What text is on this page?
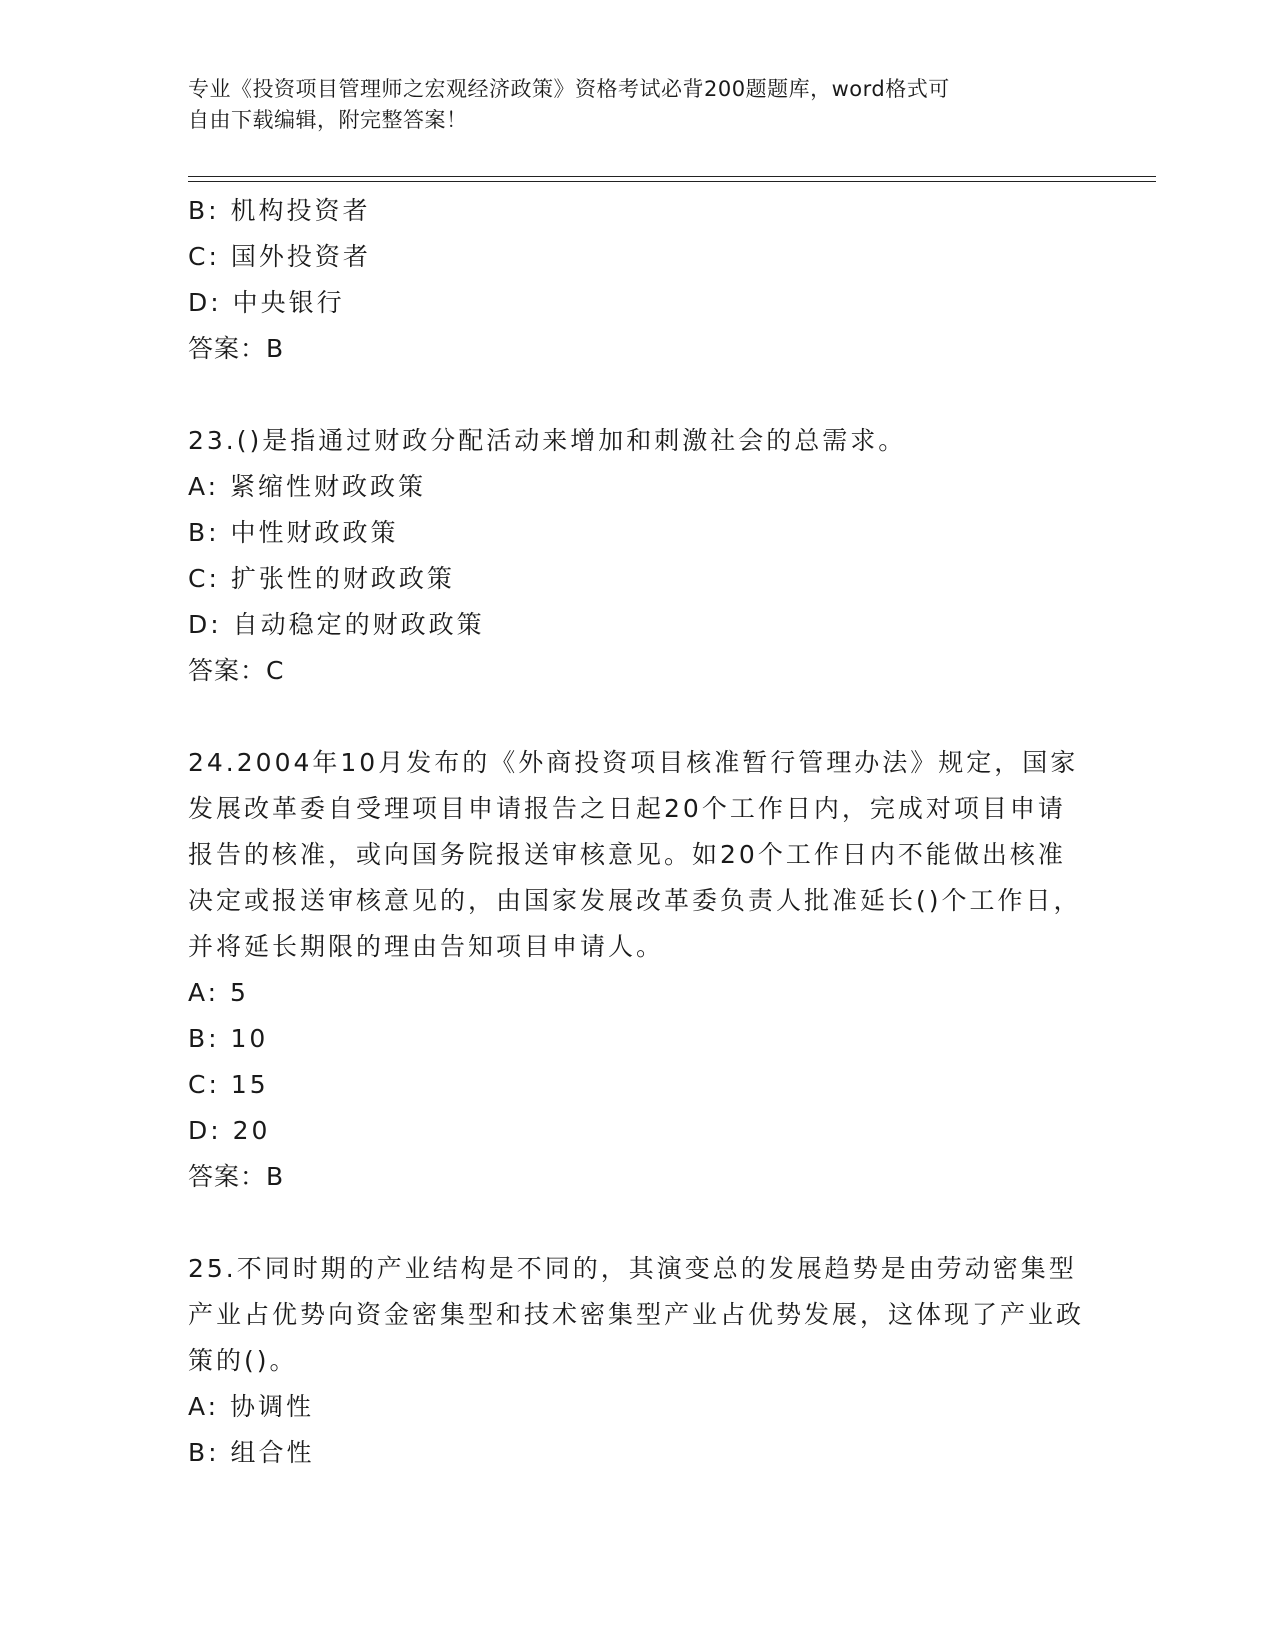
专业《投资项目管理师之宏观经济政策》资格考试必背200题题库，word格式可
自由下载编辑，附完整答案！
B: 机构投资者
C: 国外投资者
D: 中央银行
答案：B
23.()是指通过财政分配活动来增加和刺激社会的总需求。
A: 紧缩性财政政策
B: 中性财政政策
C: 扩张性的财政政策
D: 自动稳定的财政政策
答案：C
24.2004年10月发布的《外商投资项目核准暂行管理办法》规定，国家发展改革委自受理项目申请报告之日起20个工作日内，完成对项目申请报告的核准，或向国务院报送审核意见。如20个工作日内不能做出核准决定或报送审核意见的，由国家发展改革委负责人批准延长()个工作日，并将延长期限的理由告知项目申请人。
A: 5
B: 10
C: 15
D: 20
答案：B
25.不同时期的产业结构是不同的，其演变总的发展趋势是由劳动密集型产业占优势向资金密集型和技术密集型产业占优势发展，这体现了产业政策的()。
A: 协调性
B: 组合性
